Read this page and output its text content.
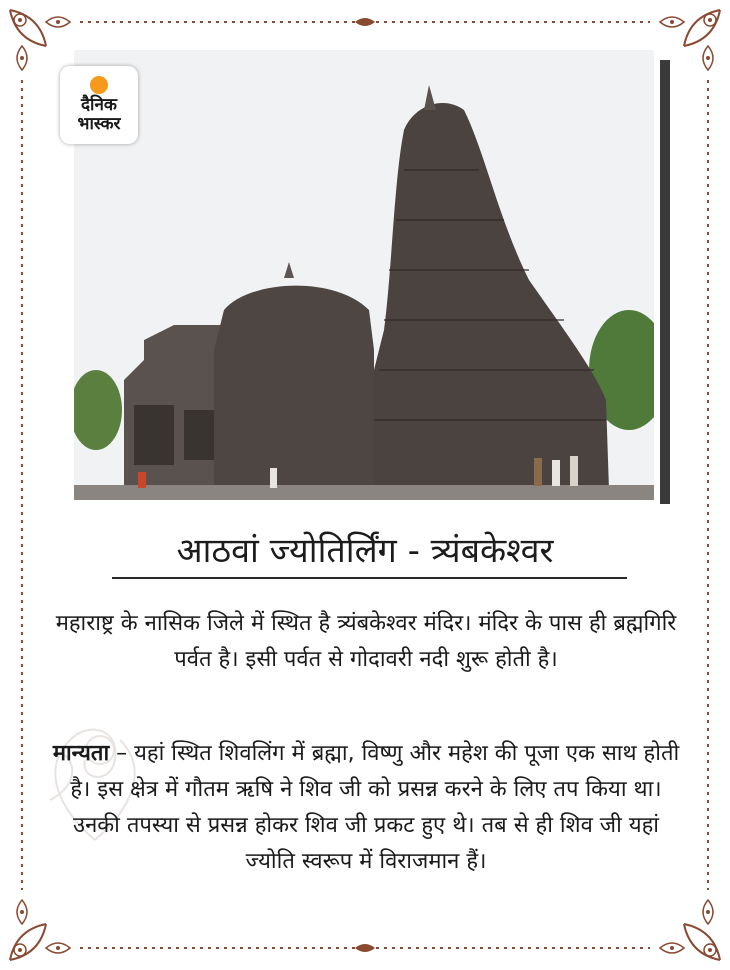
दैनिक
भास्कर
आठवां ज्योतिर्लिंग - त्र्यंबकेश्वर
महाराष्ट्र के नासिक जिले में स्थित है त्र्यंबकेश्वर मंदिर। मंदिर के पास ही ब्रह्मगिरि पर्वत है। इसी पर्वत से गोदावरी नदी शुरू होती है।
मान्यता – यहां स्थित शिवलिंग में ब्रह्मा, विष्णु और महेश की पूजा एक साथ होती है। इस क्षेत्र में गौतम ऋषि ने शिव जी को प्रसन्न करने के लिए तप किया था। उनकी तपस्या से प्रसन्न होकर शिव जी प्रकट हुए थे। तब से ही शिव जी यहां ज्योति स्वरूप में विराजमान हैं।
